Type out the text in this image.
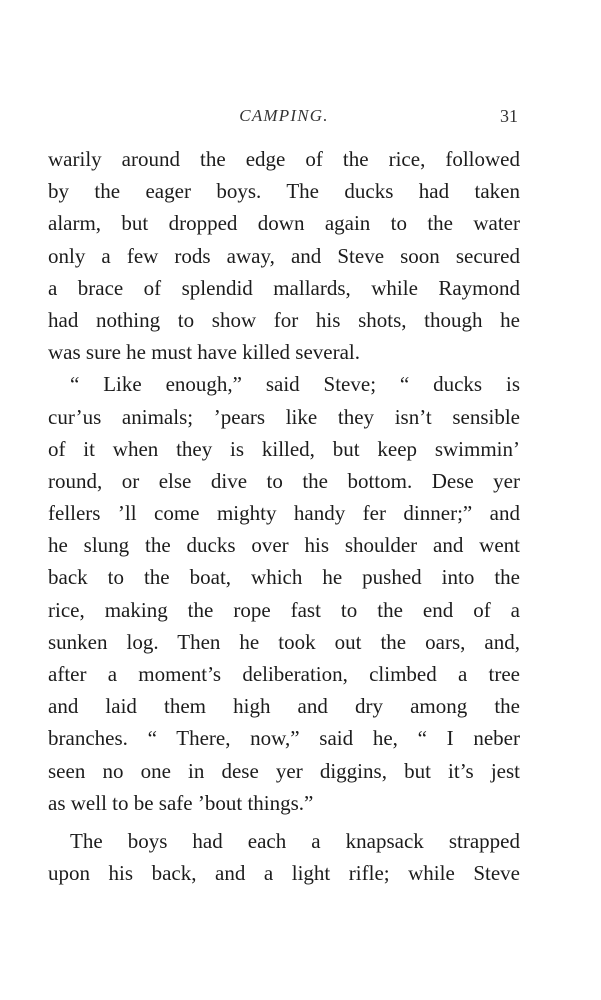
CAMPING.	31
warily around the edge of the rice, followed
by the eager boys. The ducks had taken
alarm, but dropped down again to the water
only a few rods away, and Steve soon secured
a brace of splendid mallards, while Raymond
had nothing to show for his shots, though he
was sure he must have killed several.
“ Like enough,” said Steve; “ ducks is
cur’us animals; ’pears like they isn’t sensible
of it when they is killed, but keep swimmin’
round, or else dive to the bottom. Dese yer
fellers ’ll come mighty handy fer dinner;” and
he slung the ducks over his shoulder and went
back to the boat, which he pushed into the
rice, making the rope fast to the end of a
sunken log. Then he took out the oars, and,
after a moment’s deliberation, climbed a tree
and laid them high and dry among the
branches. “ There, now,” said he, “ I neber
seen no one in dese yer diggins, but it’s jest
as well to be safe ’bout things.”
The boys had each a knapsack strapped
upon his back, and a light rifle; while Steve
